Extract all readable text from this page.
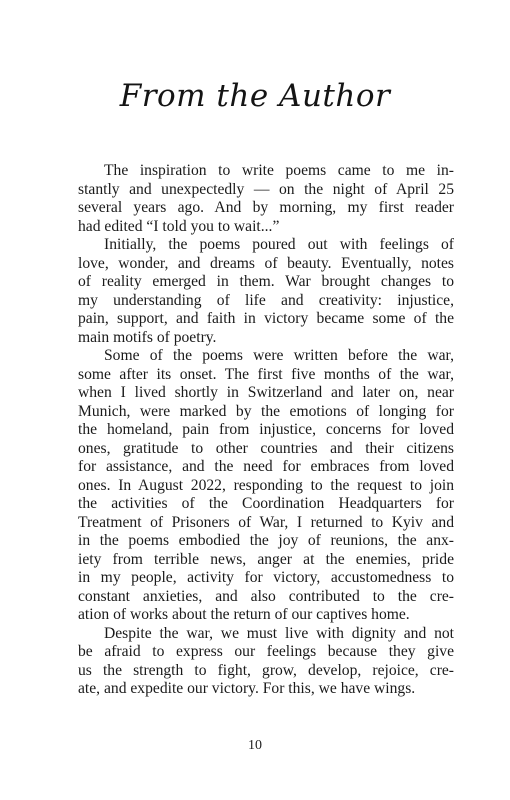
From the Author

The inspiration to write poems came to me in-
stantly and unexpectedly — on the night of April 25
several years ago. And by morning, my first reader
had edited “I told you to wait...”

Initially, the poems poured out with feelings of
love, wonder, and dreams of beauty. Eventually, notes
of reality emerged in them. War brought changes to
my understanding of life and creativity: injustice,
pain, support, and faith in victory became some of the
main motifs of poetry.

Some of the poems were written before the war,
some after its onset. The first five months of the war,
when I lived shortly in Switzerland and later on, near
Munich, were marked by the emotions of longing for
the homeland, pain from injustice, concerns for loved
ones, gratitude to other countries and their citizens
for assistance, and the need for embraces from loved
ones. In August 2022, responding to the request to join
the activities of the Coordination Headquarters for
Treatment of Prisoners of War, I returned to Kyiv and
in the poems embodied the joy of reunions, the anx-
iety from terrible news, anger at the enemies, pride
in my people, activity for victory, accustomedness to
constant anxieties, and also contributed to the cre-
ation of works about the return of our captives home.

Despite the war, we must live with dignity and not
be afraid to express our feelings because they give
us the strength to fight, grow, develop, rejoice, cre-
ate, and expedite our victory. For this, we have wings.

10
